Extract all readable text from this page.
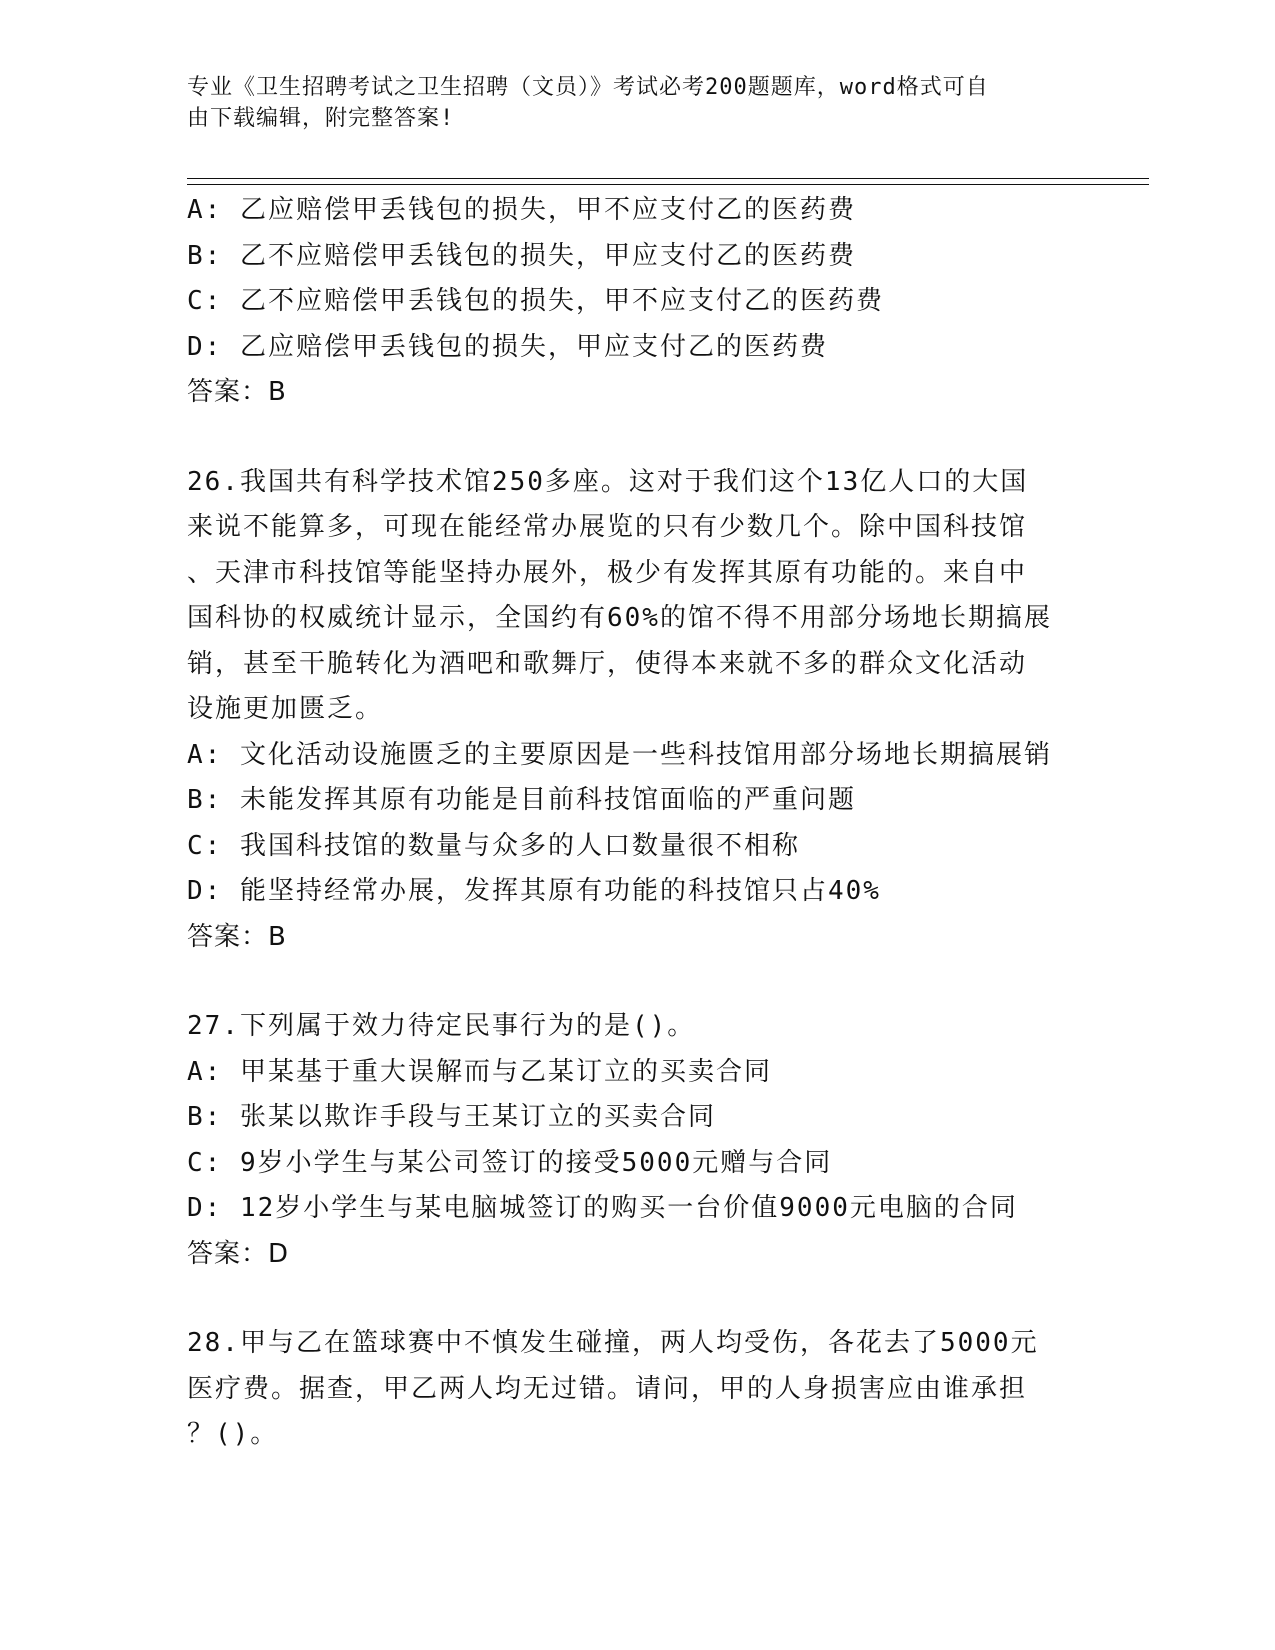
专业《卫生招聘考试之卫生招聘（文员）》考试必考200题题库，word格式可自
由下载编辑，附完整答案!
A: 乙应赔偿甲丢钱包的损失，甲不应支付乙的医药费
B: 乙不应赔偿甲丢钱包的损失，甲应支付乙的医药费
C: 乙不应赔偿甲丢钱包的损失，甲不应支付乙的医药费
D: 乙应赔偿甲丢钱包的损失，甲应支付乙的医药费
答案：B
26.我国共有科学技术馆250多座。这对于我们这个13亿人口的大国
来说不能算多，可现在能经常办展览的只有少数几个。除中国科技馆
、天津市科技馆等能坚持办展外，极少有发挥其原有功能的。来自中
国科协的权威统计显示，全国约有60%的馆不得不用部分场地长期搞展
销，甚至干脆转化为酒吧和歌舞厅，使得本来就不多的群众文化活动
设施更加匮乏。
A: 文化活动设施匮乏的主要原因是一些科技馆用部分场地长期搞展销
B: 未能发挥其原有功能是目前科技馆面临的严重问题
C: 我国科技馆的数量与众多的人口数量很不相称
D: 能坚持经常办展，发挥其原有功能的科技馆只占40%
答案：B
27.下列属于效力待定民事行为的是()。
A: 甲某基于重大误解而与乙某订立的买卖合同
B: 张某以欺诈手段与王某订立的买卖合同
C: 9岁小学生与某公司签订的接受5000元赠与合同
D: 12岁小学生与某电脑城签订的购买一台价值9000元电脑的合同
答案：D
28.甲与乙在篮球赛中不慎发生碰撞，两人均受伤，各花去了5000元
医疗费。据查，甲乙两人均无过错。请问，甲的人身损害应由谁承担
？()。
